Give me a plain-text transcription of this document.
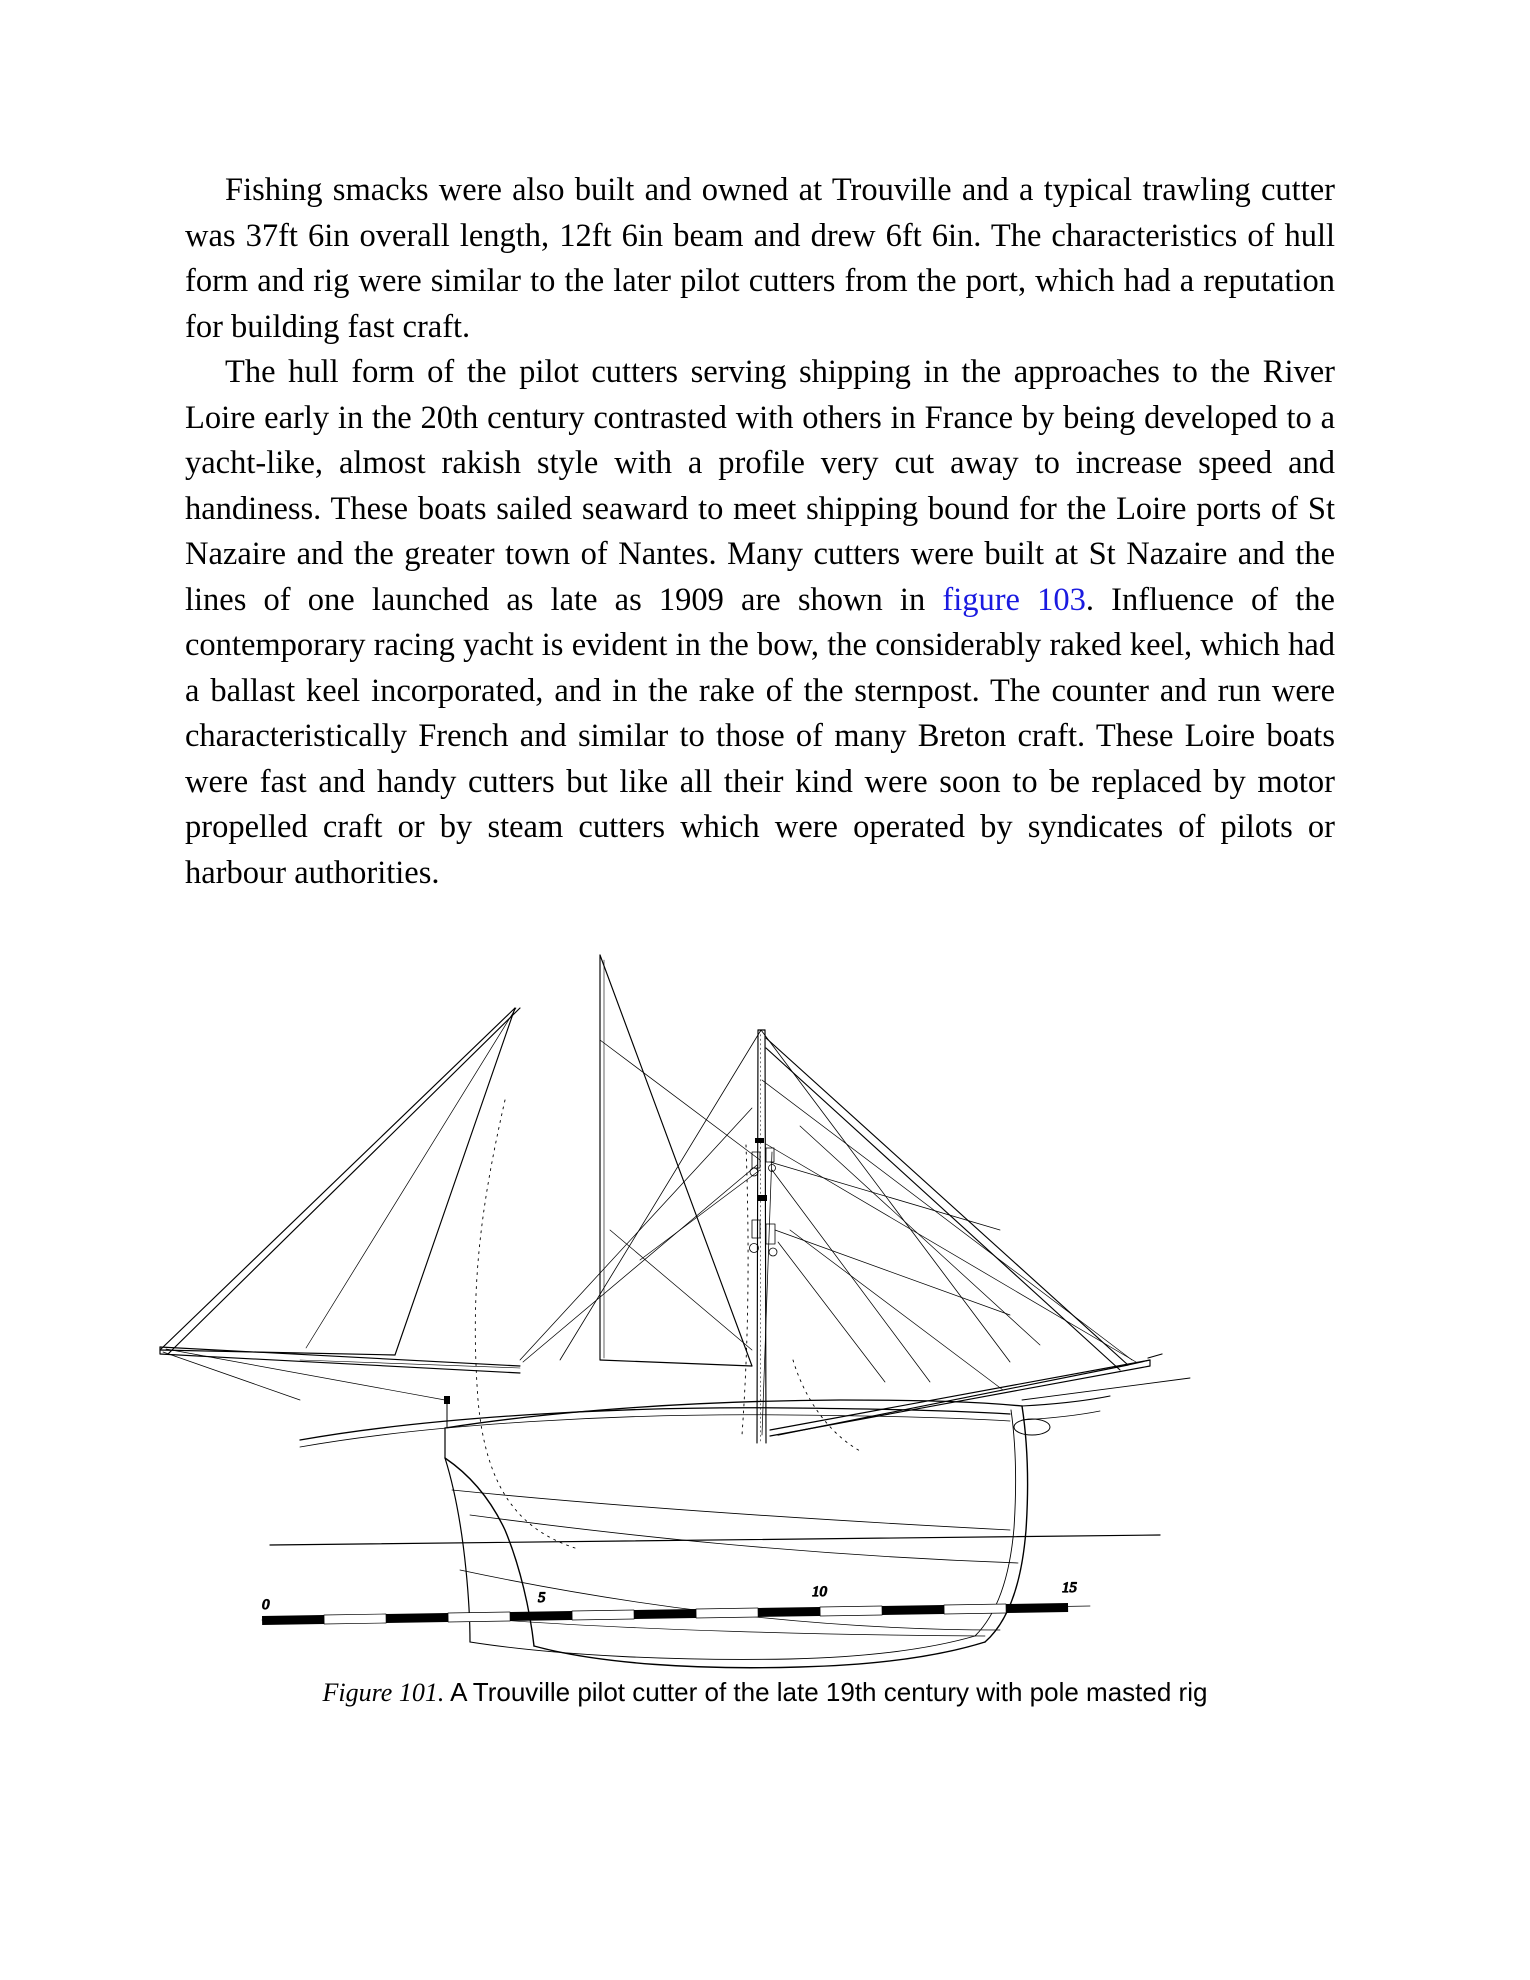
Fishing smacks were also built and owned at Trouville and a typical trawling cutter was 37ft 6in overall length, 12ft 6in beam and drew 6ft 6in. The characteristics of hull form and rig were similar to the later pilot cutters from the port, which had a reputation for building fast craft.

The hull form of the pilot cutters serving shipping in the approaches to the River Loire early in the 20th century contrasted with others in France by being developed to a yacht-like, almost rakish style with a profile very cut away to increase speed and handiness. These boats sailed seaward to meet shipping bound for the Loire ports of St Nazaire and the greater town of Nantes. Many cutters were built at St Nazaire and the lines of one launched as late as 1909 are shown in figure 103. Influence of the contemporary racing yacht is evident in the bow, the considerably raked keel, which had a ballast keel incorporated, and in the rake of the sternpost. The counter and run were characteristically French and similar to those of many Breton craft. These Loire boats were fast and handy cutters but like all their kind were soon to be replaced by motor propelled craft or by steam cutters which were operated by syndicates of pilots or harbour authorities.

0	5	10	15
Figure 101. A Trouville pilot cutter of the late 19th century with pole masted rig
